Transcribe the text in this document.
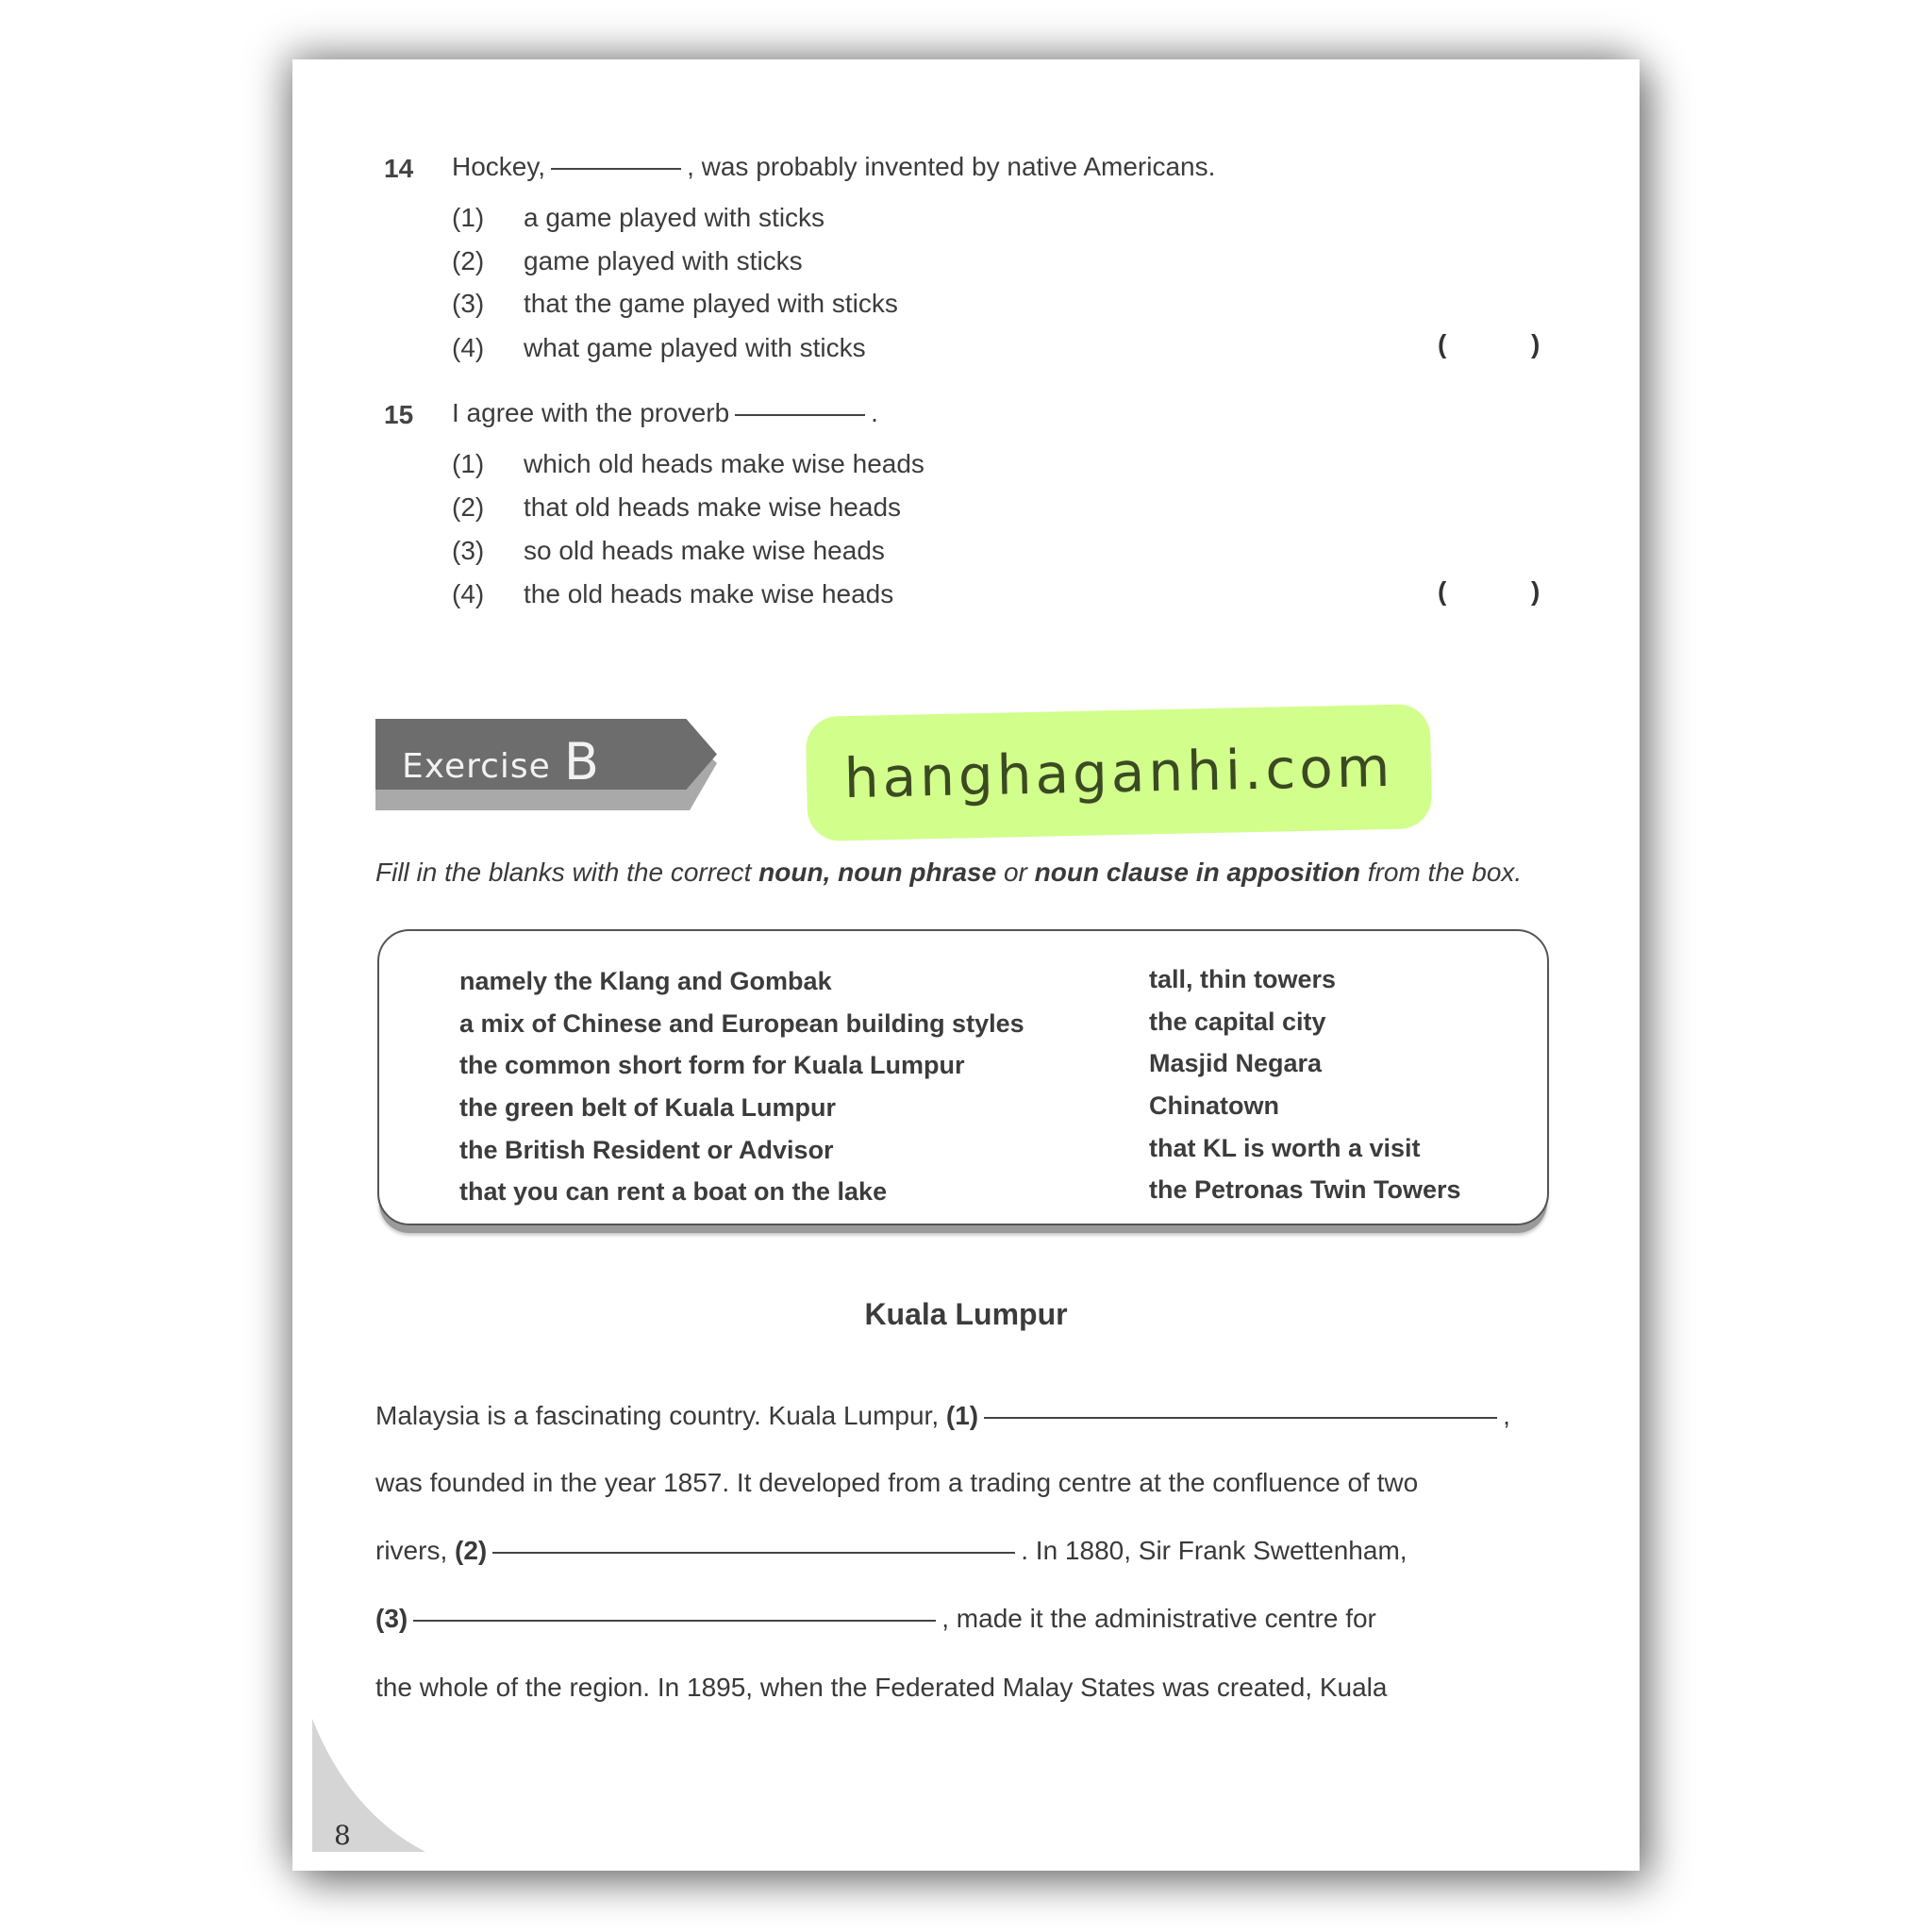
14 Hockey,	, was probably invented by native Americans.
(1) a game played with sticks
(2) game played with sticks
(3) that the game played with sticks
(4) what game played with sticks	(	)
15 I agree with the proverb	.
(1) which old heads make wise heads
(2) that old heads make wise heads
(3) so old heads make wise heads
(4) the old heads make wise heads	(	)
Exercise B	hanghaganhi.com
Fill in the blanks with the correct noun, noun phrase or noun clause in apposition from the box.
namely the Klang and Gombak
a mix of Chinese and European building styles
the common short form for Kuala Lumpur
the green belt of Kuala Lumpur
the British Resident or Advisor
that you can rent a boat on the lake
tall, thin towers
the capital city
Masjid Negara
Chinatown
that KL is worth a visit
the Petronas Twin Towers
Kuala Lumpur
Malaysia is a fascinating country. Kuala Lumpur, (1)	,
was founded in the year 1857. It developed from a trading centre at the confluence of two
rivers, (2)	. In 1880, Sir Frank Swettenham,
(3)	, made it the administrative centre for
the whole of the region. In 1895, when the Federated Malay States was created, Kuala
8
